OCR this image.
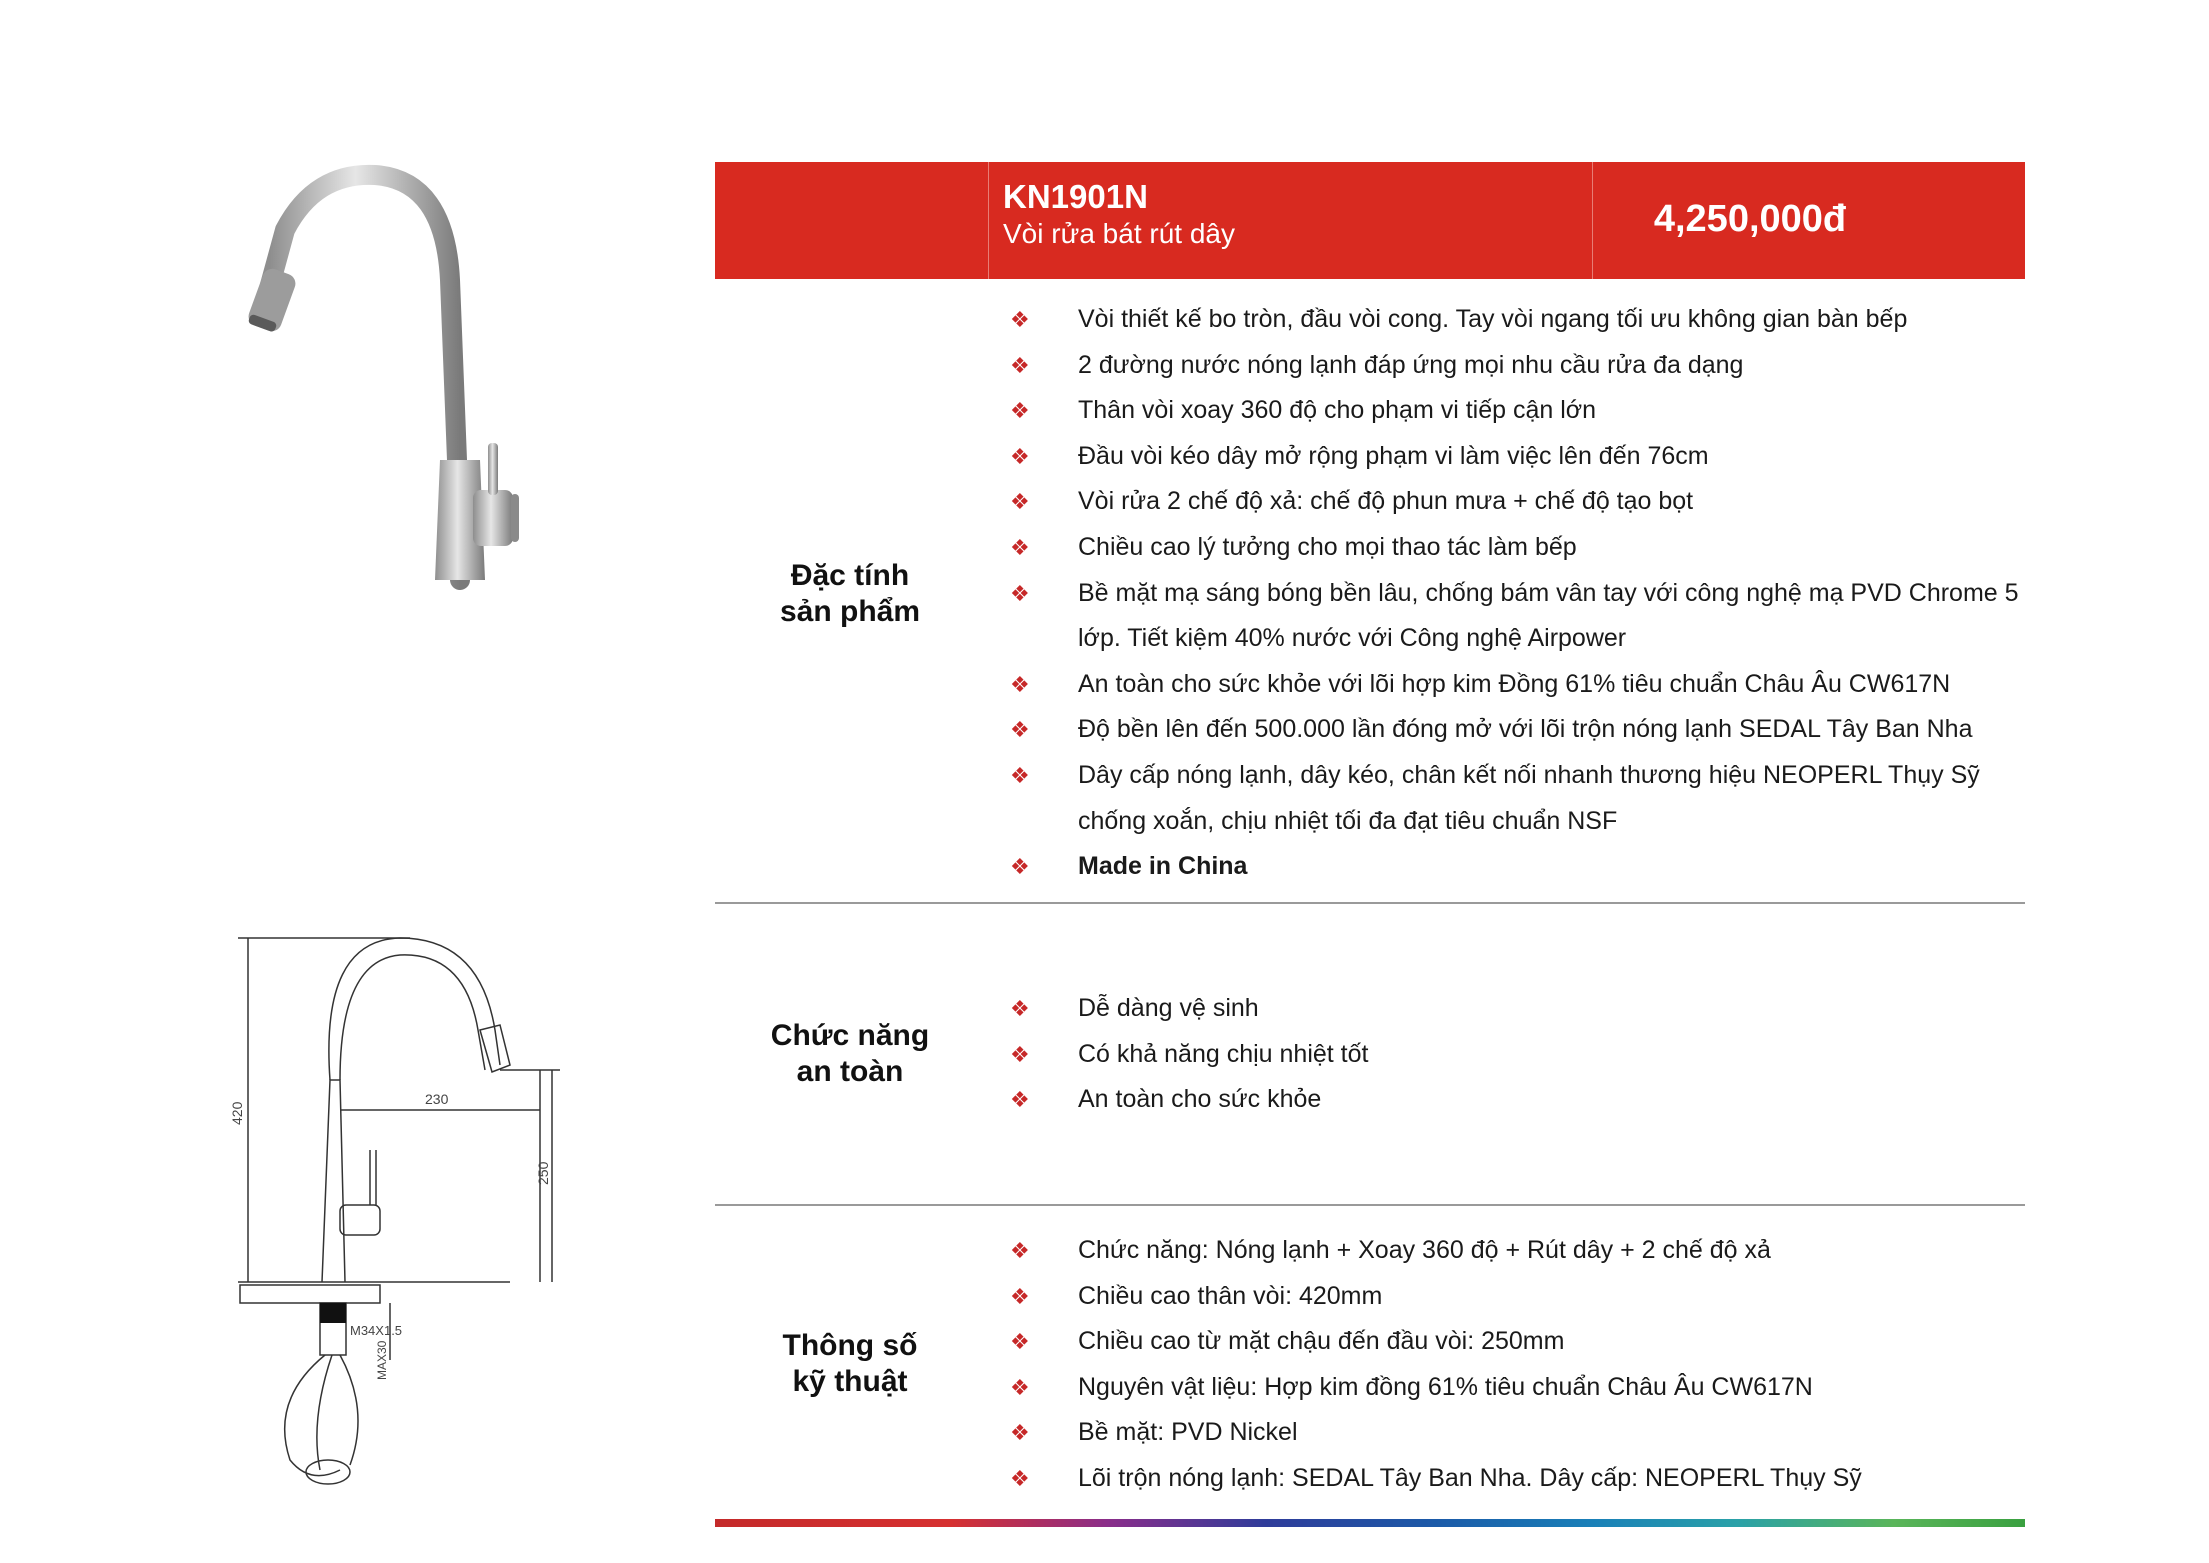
420
230
250
M34X1.5
MAX30
KN1901N
Vòi rửa bát rút dây	4,250,000đ
Đặc tính
sản phẩm
❖	Vòi thiết kế bo tròn, đầu vòi cong. Tay vòi ngang tối ưu không gian bàn bếp
❖	2 đường nước nóng lạnh đáp ứng mọi nhu cầu rửa đa dạng
❖	Thân vòi xoay 360 độ cho phạm vi tiếp cận lớn
❖	Đầu vòi kéo dây mở rộng phạm vi làm việc lên đến 76cm
❖	Vòi rửa 2 chế độ xả: chế độ phun mưa + chế độ tạo bọt
❖	Chiều cao lý tưởng cho mọi thao tác làm bếp
❖	Bề mặt mạ sáng bóng bền lâu, chống bám vân tay với công nghệ mạ PVD Chrome 5 lớp. Tiết kiệm 40% nước với Công nghệ Airpower
❖	An toàn cho sức khỏe với lõi hợp kim Đồng 61% tiêu chuẩn Châu Âu CW617N
❖	Độ bền lên đến 500.000 lần đóng mở với lõi trộn nóng lạnh SEDAL Tây Ban Nha
❖	Dây cấp nóng lạnh, dây kéo, chân kết nối nhanh thương hiệu NEOPERL Thụy Sỹ chống xoắn, chịu nhiệt tối đa đạt tiêu chuẩn NSF
❖	Made in China
Chức năng
an toàn
❖	Dễ dàng vệ sinh
❖	Có khả năng chịu nhiệt tốt
❖	An toàn cho sức khỏe
Thông số
kỹ thuật
❖	Chức năng: Nóng lạnh + Xoay 360 độ + Rút dây + 2 chế độ xả
❖	Chiều cao thân vòi: 420mm
❖	Chiều cao từ mặt chậu đến đầu vòi: 250mm
❖	Nguyên vật liệu: Hợp kim đồng 61% tiêu chuẩn Châu Âu CW617N
❖	Bề mặt: PVD Nickel
❖	Lõi trộn nóng lạnh: SEDAL Tây Ban Nha. Dây cấp: NEOPERL Thụy Sỹ
